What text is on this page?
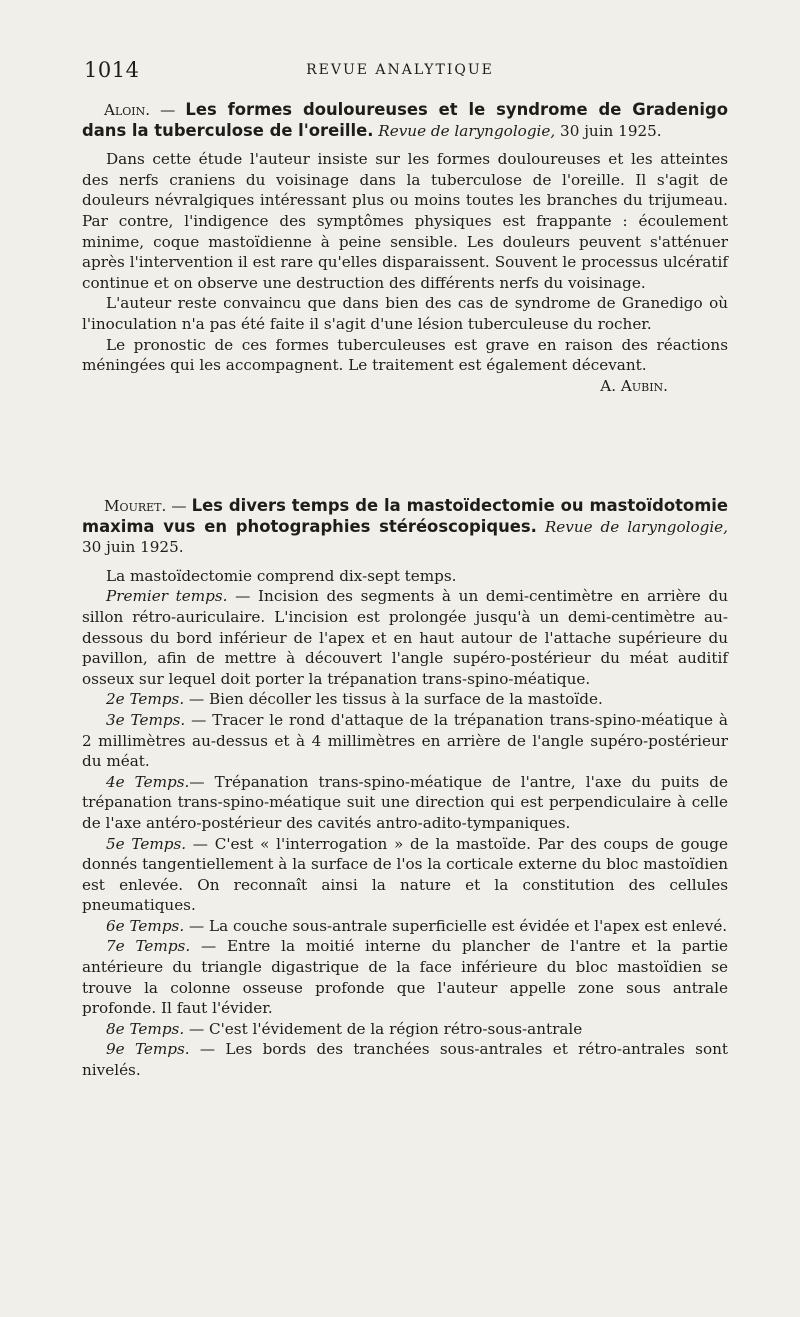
1014	REVUE ANALYTIQUE

Aloin. — Les formes douloureuses et le syndrome de Gradenigo dans la tuberculose de l'oreille. Revue de laryngologie, 30 juin 1925.

Dans cette étude l'auteur insiste sur les formes douloureuses et les atteintes des nerfs craniens du voisinage dans la tuberculose de l'oreille. Il s'agit de douleurs névralgiques intéressant plus ou moins toutes les branches du trijumeau. Par contre, l'indigence des symptômes physiques est frappante : écoulement minime, coque mastoïdienne à peine sensible. Les douleurs peuvent s'atténuer après l'intervention il est rare qu'elles disparaissent. Souvent le processus ulcératif continue et on observe une destruction des différents nerfs du voisinage.

L'auteur reste convaincu que dans bien des cas de syndrome de Granedigo où l'inoculation n'a pas été faite il s'agit d'une lésion tuberculeuse du rocher.

Le pronostic de ces formes tuberculeuses est grave en raison des réactions méningées qui les accompagnent. Le traitement est également décevant.

A. Aubin.

Mouret. — Les divers temps de la mastoïdectomie ou mastoïdotomie maxima vus en photographies stéréoscopiques. Revue de laryngologie, 30 juin 1925.

La mastoïdectomie comprend dix-sept temps.

Premier temps. — Incision des segments à un demi-centimètre en arrière du sillon rétro-auriculaire. L'incision est prolongée jusqu'à un demi-centimètre au-dessous du bord inférieur de l'apex et en haut autour de l'attache supérieure du pavillon, afin de mettre à découvert l'angle supéro-postérieur du méat auditif osseux sur lequel doit porter la trépanation trans-spino-méatique.

2e Temps. — Bien décoller les tissus à la surface de la mastoïde.

3e Temps. — Tracer le rond d'attaque de la trépanation trans-spino-méatique à 2 millimètres au-dessus et à 4 millimètres en arrière de l'angle supéro-postérieur du méat.

4e Temps.— Trépanation trans-spino-méatique de l'antre, l'axe du puits de trépanation trans-spino-méatique suit une direction qui est perpendiculaire à celle de l'axe antéro-postérieur des cavités antro-adito-tympaniques.

5e Temps. — C'est « l'interrogation » de la mastoïde. Par des coups de gouge donnés tangentiellement à la surface de l'os la corticale externe du bloc mastoïdien est enlevée. On reconnaît ainsi la nature et la constitution des cellules pneumatiques.

6e Temps. — La couche sous-antrale superficielle est évidée et l'apex est enlevé.

7e Temps. — Entre la moitié interne du plancher de l'antre et la partie antérieure du triangle digastrique de la face inférieure du bloc mastoïdien se trouve la colonne osseuse profonde que l'auteur appelle zone sous antrale profonde. Il faut l'évider.

8e Temps. — C'est l'évidement de la région rétro-sous-antrale

9e Temps. — Les bords des tranchées sous-antrales et rétro-antrales sont nivelés.
